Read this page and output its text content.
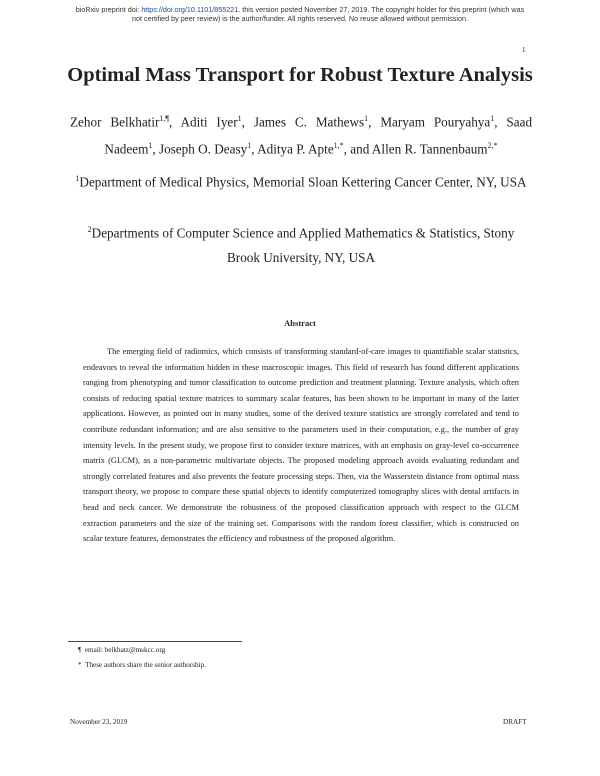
bioRxiv preprint doi: https://doi.org/10.1101/855221. this version posted November 27, 2019. The copyright holder for this preprint (which was
not certified by peer review) is the author/funder. All rights reserved. No reuse allowed without permission.
1
Optimal Mass Transport for Robust Texture Analysis
Zehor Belkhatir$^{1,\P}$, Aditi Iyer$^1$, James C. Mathews$^1$, Maryam Pouryahya$^1$, Saad Nadeem$^1$, Joseph O. Deasy$^1$, Aditya P. Apte$^{1,*}$, and Allen R. Tannenbaum$^{2,*}$
$^1$Department of Medical Physics, Memorial Sloan Kettering Cancer Center, NY, USA
$^2$Departments of Computer Science and Applied Mathematics & Statistics, Stony Brook University, NY, USA
Abstract

The emerging field of radiomics, which consists of transforming standard-of-care images to quantifiable scalar statistics, endeavors to reveal the information hidden in these macroscopic images. This field of research has found different applications ranging from phenotyping and tumor classification to outcome prediction and treatment planning. Texture analysis, which often consists of reducing spatial texture matrices to summary scalar features, has been shown to be important in many of the latter applications. However, as pointed out in many studies, some of the derived texture statistics are strongly correlated and tend to contribute redundant information; and are also sensitive to the parameters used in their computation, e.g., the number of gray intensity levels. In the present study, we propose first to consider texture matrices, with an emphasis on gray-level co-occurrence matrix (GLCM), as a non-parametric multivariate objects. The proposed modeling approach avoids evaluating redundant and strongly correlated features and also prevents the feature processing steps. Then, via the Wasserstein distance from optimal mass transport theory, we propose to compare these spatial objects to identify computerized tomography slices with dental artifacts in head and neck cancer. We demonstrate the robustness of the proposed classification approach with respect to the GLCM extraction parameters and the size of the training set. Comparisons with the random forest classifier, which is constructed on scalar texture features, demonstrates the efficiency and robustness of the proposed algorithm.

¶ email: belkhatz@mskcc.org
* These authors share the senior authorship.
November 23, 2019	DRAFT
